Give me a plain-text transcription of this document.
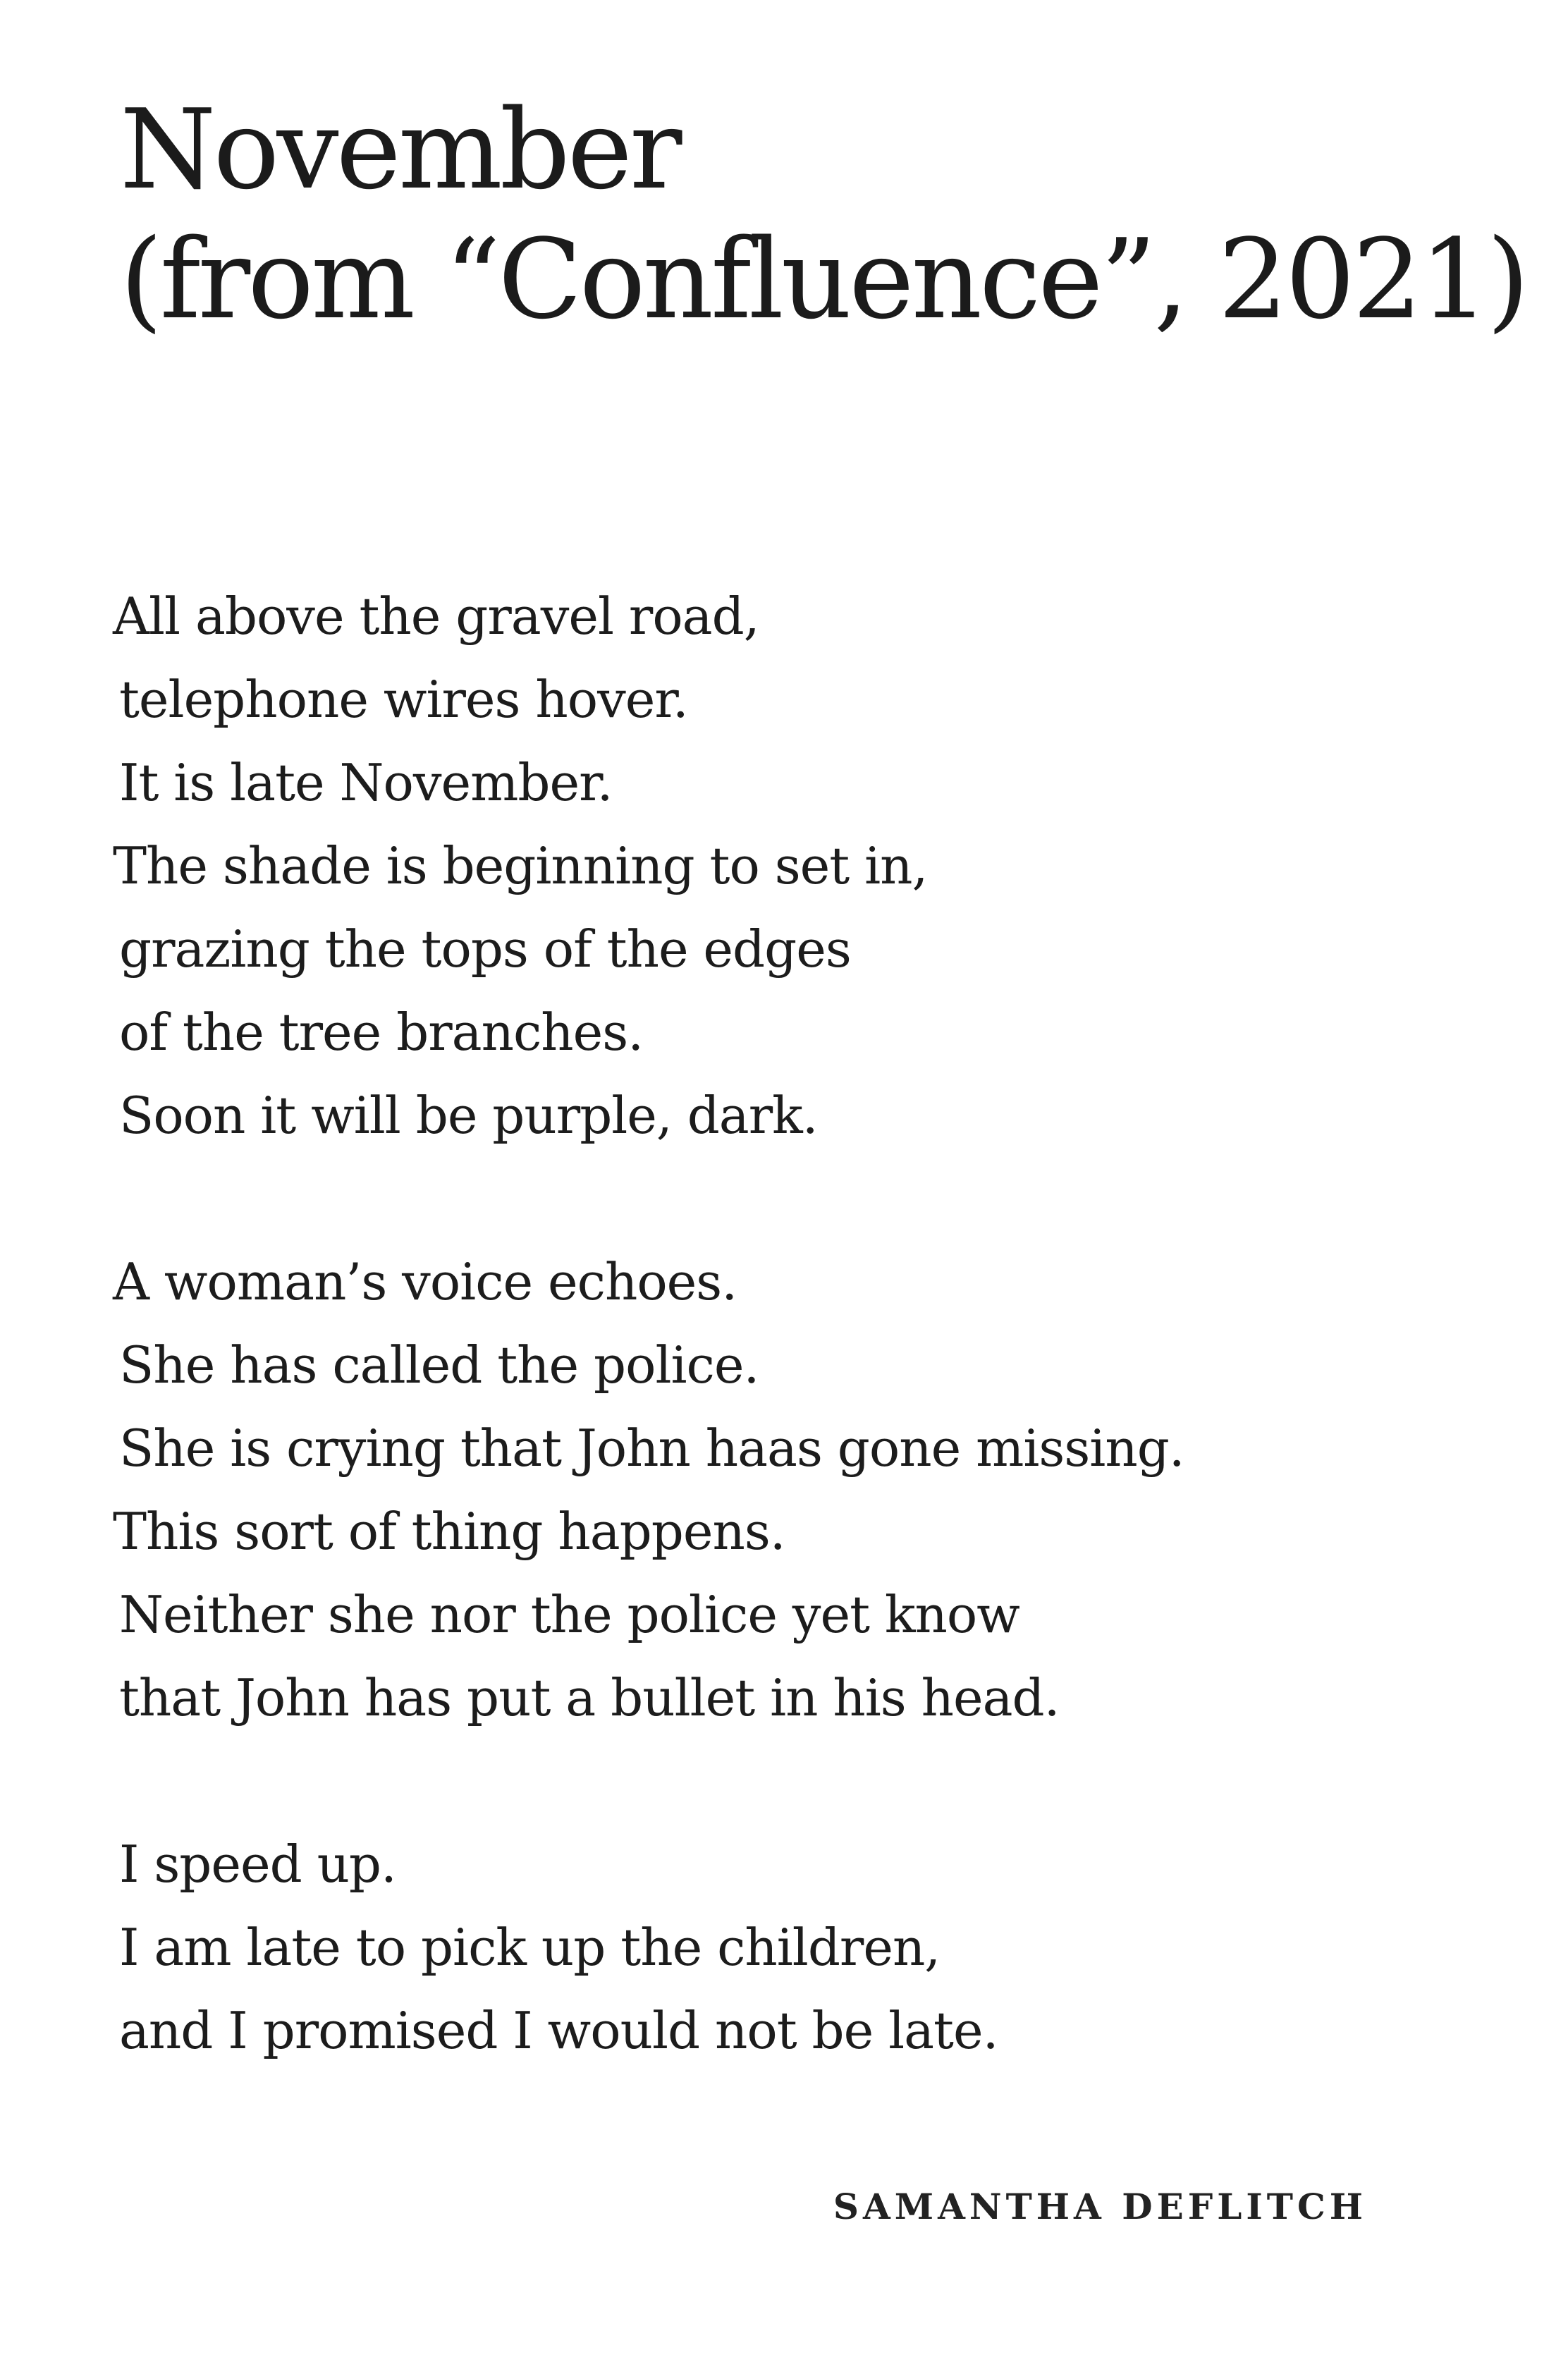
November
(from “Confluence”, 2021)
All above the gravel road,
telephone wires hover.
It is late November.
The shade is beginning to set in,
grazing the tops of the edges
of the tree branches.
Soon it will be purple, dark.
A woman’s voice echoes.
She has called the police.
She is crying that John haas gone missing.
This sort of thing happens.
Neither she nor the police yet know
that John has put a bullet in his head.
I speed up.
I am late to pick up the children,
and I promised I would not be late.
SAMANTHA DEFLITCH
